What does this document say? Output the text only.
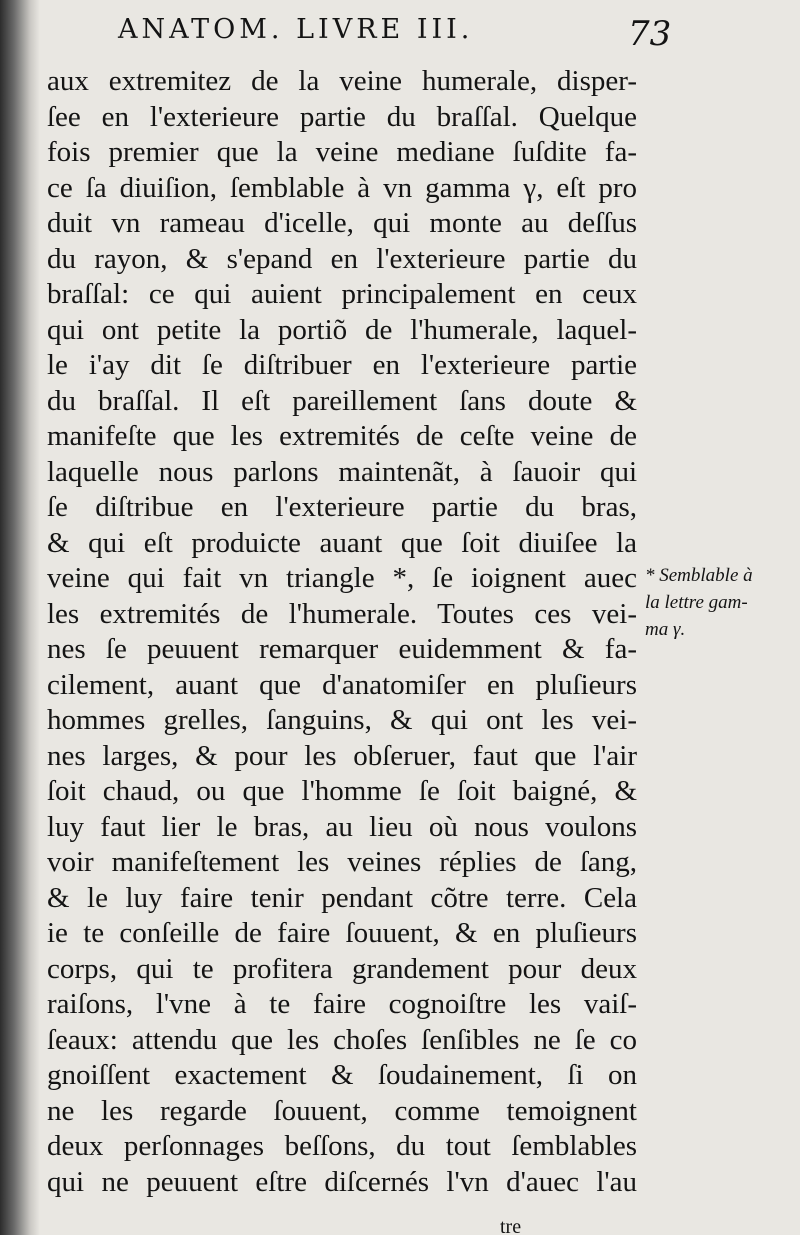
ANATOM. LIVRE III.	73
aux extremitez de la veine humerale, disper-
ſee en l'exterieure partie du braſſal. Quelque
fois premier que la veine mediane ſuſdite fa-
ce ſa diuiſion, ſemblable à vn gamma γ, eſt pro
duit vn rameau d'icelle, qui monte au deſſus
du rayon, & s'epand en l'exterieure partie du
braſſal: ce qui auient principalement en ceux
qui ont petite la portiõ de l'humerale, laquel-
le i'ay dit ſe diſtribuer en l'exterieure partie
du braſſal. Il eſt pareillement ſans doute &
manifeſte que les extremités de ceſte veine de
laquelle nous parlons maintenãt, à ſauoir qui
ſe diſtribue en l'exterieure partie du bras,
& qui eſt produicte auant que ſoit diuiſee la
veine qui fait vn triangle *, ſe ioignent auec
les extremités de l'humerale. Toutes ces vei-
nes ſe peuuent remarquer euidemment & fa-
cilement, auant que d'anatomiſer en pluſieurs
hommes grelles, ſanguins, & qui ont les vei-
nes larges, & pour les obſeruer, faut que l'air
ſoit chaud, ou que l'homme ſe ſoit baigné, &
luy faut lier le bras, au lieu où nous voulons
voir manifeſtement les veines réplies de ſang,
& le luy faire tenir pendant cõtre terre. Cela
ie te conſeille de faire ſouuent, & en pluſieurs
corps, qui te profitera grandement pour deux
raiſons, l'vne à te faire cognoiſtre les vaiſ-
ſeaux: attendu que les choſes ſenſibles ne ſe co
gnoiſſent exactement & ſoudainement, ſi on
ne les regarde ſouuent, comme temoignent
deux perſonnages beſſons, du tout ſemblables
qui ne peuuent eſtre diſcernés l'vn d'auec l'au
* Semblable à
la lettre gam-
ma γ.
tre
